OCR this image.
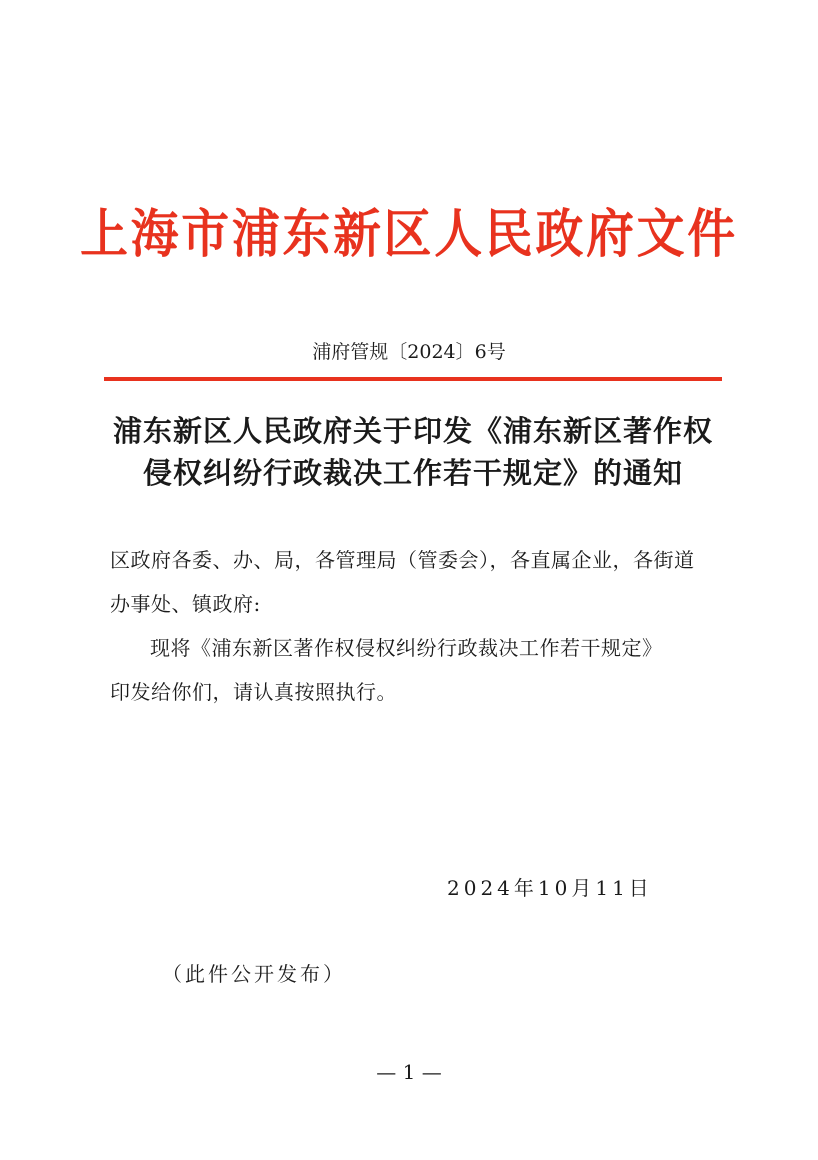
上海市浦东新区人民政府文件
浦府管规〔2024〕6号
浦东新区人民政府关于印发《浦东新区著作权
侵权纠纷行政裁决工作若干规定》的通知

区政府各委、办、局，各管理局（管委会），各直属企业，各街道

办事处、镇政府:

现将《浦东新区著作权侵权纠纷行政裁决工作若干规定》

印发给你们，请认真按照执行。

2024年10月11日
（此件公开发布）
— 1 —
